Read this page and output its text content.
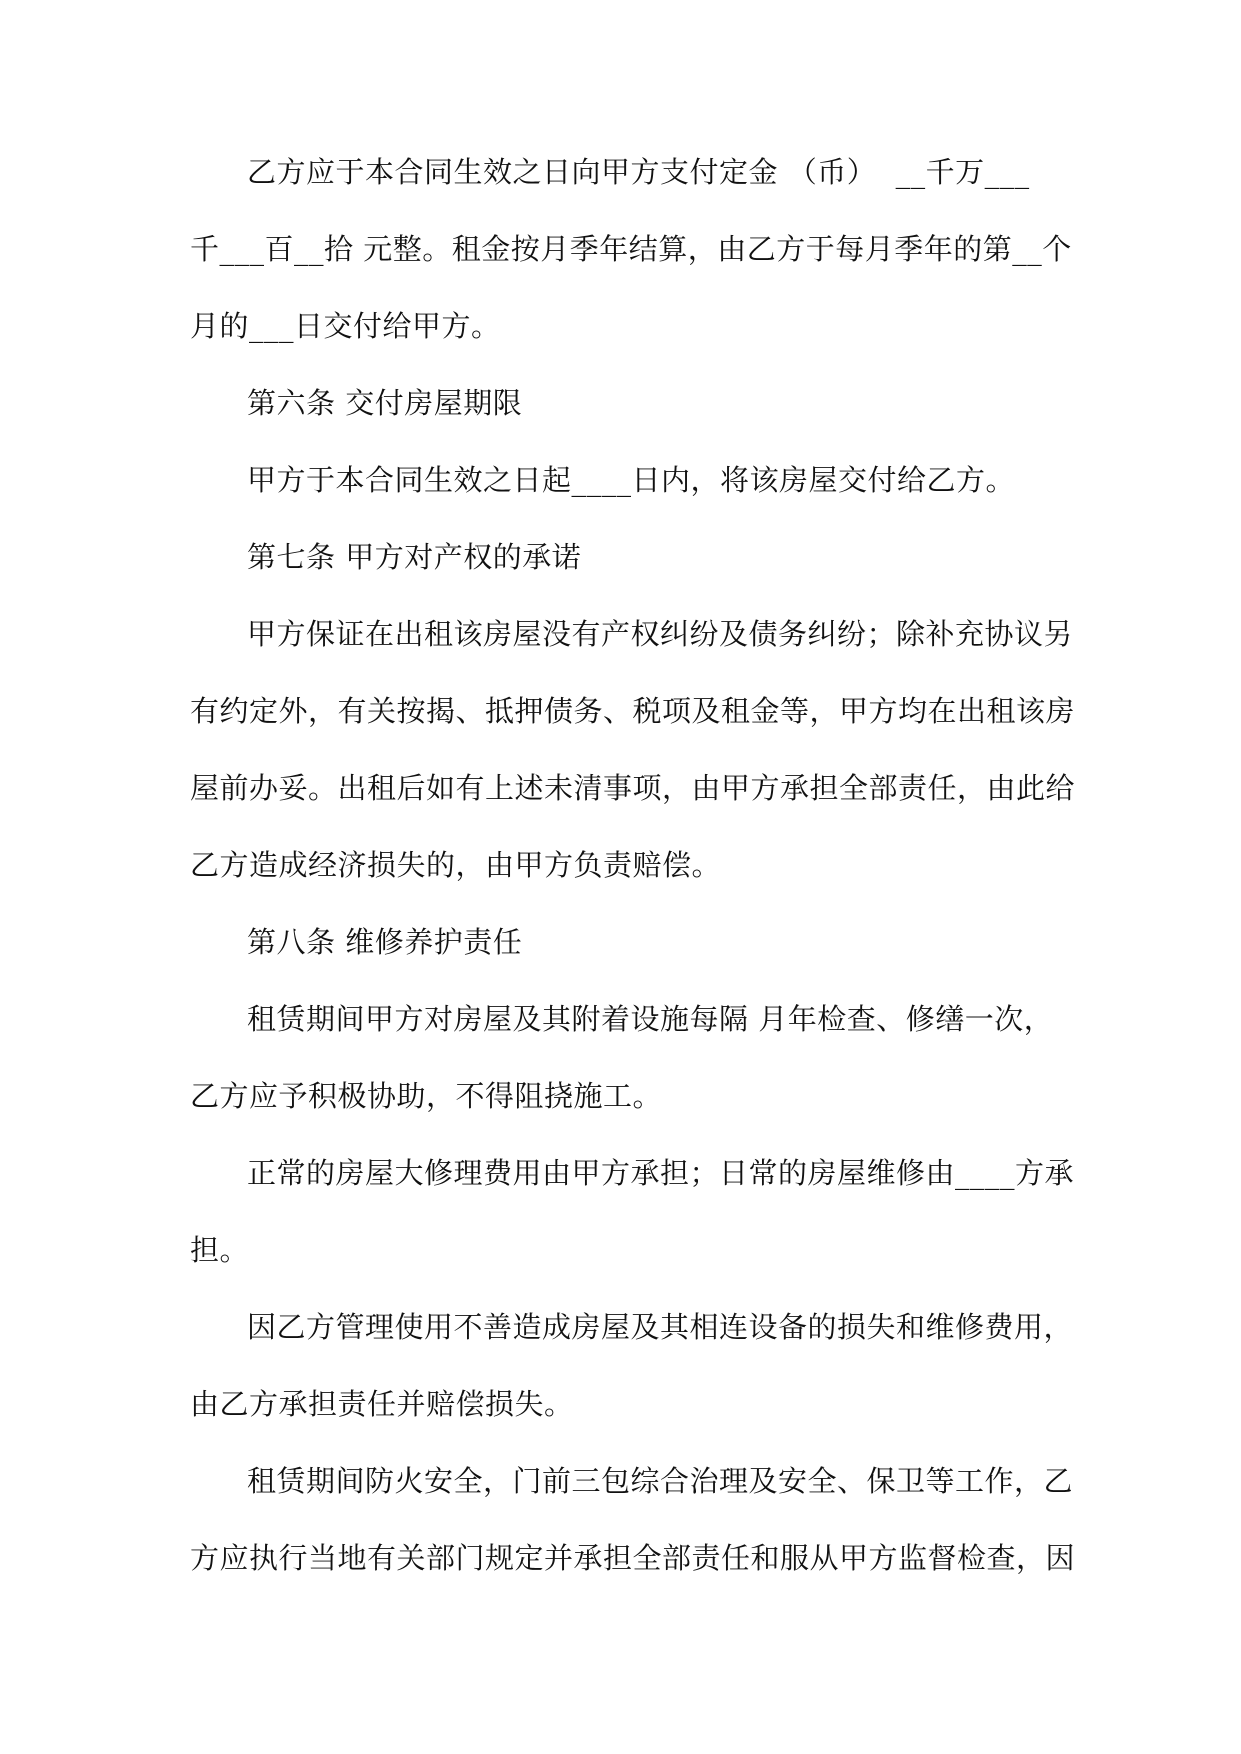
乙方应于本合同生效之日向甲方支付定金 （币）  __千万___
千___百__拾 元整。租金按月季年结算，由乙方于每月季年的第__个
月的___日交付给甲方。
第六条 交付房屋期限
甲方于本合同生效之日起____日内，将该房屋交付给乙方。
第七条 甲方对产权的承诺
甲方保证在出租该房屋没有产权纠纷及债务纠纷；除补充协议另
有约定外，有关按揭、抵押债务、税项及租金等，甲方均在出租该房
屋前办妥。出租后如有上述未清事项，由甲方承担全部责任，由此给
乙方造成经济损失的，由甲方负责赔偿。
第八条 维修养护责任
租赁期间甲方对房屋及其附着设施每隔 月年检查、修缮一次，
乙方应予积极协助，不得阻挠施工。
正常的房屋大修理费用由甲方承担；日常的房屋维修由____方承
担。
因乙方管理使用不善造成房屋及其相连设备的损失和维修费用，
由乙方承担责任并赔偿损失。
租赁期间防火安全，门前三包综合治理及安全、保卫等工作，乙
方应执行当地有关部门规定并承担全部责任和服从甲方监督检查，因
